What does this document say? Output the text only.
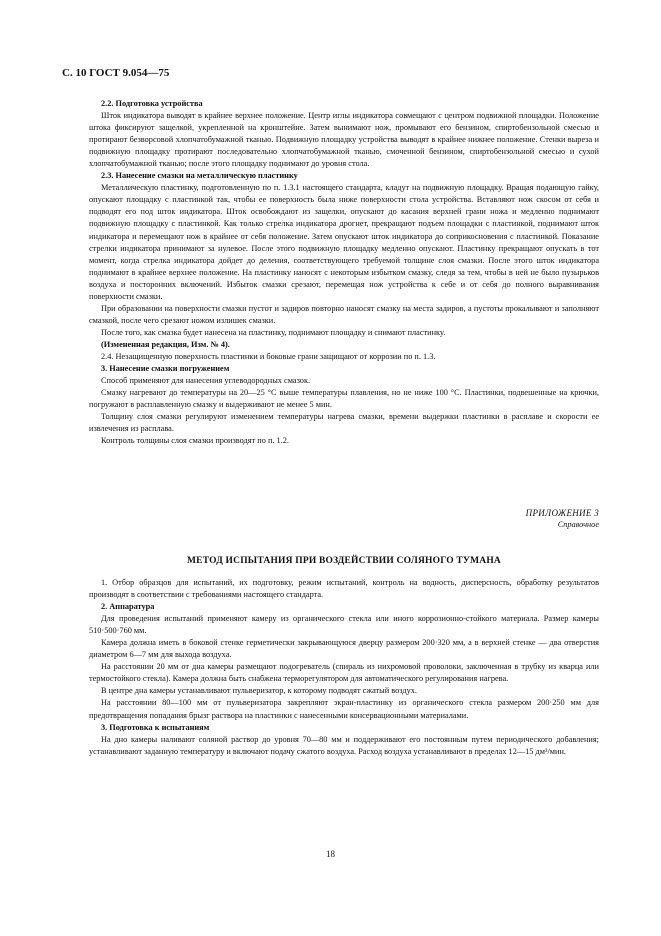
С. 10 ГОСТ 9.054—75

2.2. Подготовка устройства

Шток индикатора выводят в крайнее верхнее положение. Центр иглы индикатора совмещают с центром подвижной площадки. Положение штока фиксируют защелкой, укрепленной на кронштейне. Затем вынимают нож, промывают его бензином, спиртобензольной смесью и протирают безворсовой хлопчатобумажной тканью. Подвижную площадку устройства выводят в крайнее нижнее положение. Стенки выреза и подвижную площадку протирают последовательно хлопчатобумажной тканью, смоченной бензином, спиртобензольной смесью и сухой хлопчатобумажной тканью; после этого площадку поднимают до уровня стола.

2.3. Нанесение смазки на металлическую пластинку

Металлическую пластинку, подготовленную по п. 1.3.1 настоящего стандарта, кладут на подвижную площадку. Вращая подающую гайку, опускают площадку с пластинкой так, чтобы ее поверхность была ниже поверхности стола устройства. Вставляют нож скосом от себя и подводят его под шток индикатора. Шток освобождают из защелки, опускают до касания верхней грани ножа и медленно поднимают подвижную площадку с пластинкой. Как только стрелка индикатора дрогнет, прекращают подъем площадки с пластинкой, поднимают шток индикатора и перемещают нож в крайнее от себя положение. Затем опускают шток индикатора до соприкосновения с пластинкой. Показание стрелки индикатора принимают за нулевое. После этого подвижную площадку медленно опускают. Пластинку прекращают опускать в тот момент, когда стрелка индикатора дойдет до деления, соответствующего требуемой толщине слоя смазки. После этого шток индикатора поднимают в крайнее верхнее положение. На пластинку наносят с некоторым избытком смазку, следя за тем, чтобы в ней не было пузырьков воздуха и посторонних включений. Избыток смазки срезают, перемещая нож устройства к себе и от себя до полного выравнивания поверхности смазки.

При образовании на поверхности смазки пустот и задиров повторно наносят смазку на места задиров, а пустоты прокалывают и заполняют смазкой, после чего срезают ножом излишек смазки.

После того, как смазка будет нанесена на пластинку, поднимают площадку и снимают пластинку.

(Измененная редакция, Изм. № 4).

2.4. Незащищенную поверхность пластинки и боковые грани защищают от коррозии по п. 1.3.

3. Нанесение смазки погружением

Способ применяют для нанесения углеводородных смазок.

Смазку нагревают до температуры на 20—25 °С выше температуры плавления, но не ниже 100 °С. Пластинки, подвешенные на крючки, погружают в расплавленную смазку и выдерживают не менее 5 мин.

Толщину слоя смазки регулируют изменением температуры нагрева смазки, времени выдержки пластинки в расплаве и скорости ее извлечения из расплава.

Контроль толщины слоя смазки производят по п. 1.2.

ПРИЛОЖЕНИЕ 3
Справочное
МЕТОД ИСПЫТАНИЯ ПРИ ВОЗДЕЙСТВИИ СОЛЯНОГО ТУМАНА

1. Отбор образцов для испытаний, их подготовку, режим испытаний, контроль на водность, дисперсность, обработку результатов производят в соответствии с требованиями настоящего стандарта.

2. Аппаратура

Для проведения испытаний применяют камеру из органического стекла или иного коррозионно-стойкого материала. Размер камеры 510·500·760 мм.

Камера должна иметь в боковой стенке герметически закрывающуюся дверцу размером 200·320 мм, а в верхней стенке — два отверстия диаметром 6—7 мм для выхода воздуха.

На расстоянии 20 мм от дна камеры размещают подогреватель (спираль из нихромовой проволоки, заключенная в трубку из кварца или термостойкого стекла). Камера должна быть снабжена терморегулятором для автоматического регулирования нагрева.

В центре дна камеры устанавливают пульверизатор, к которому подводят сжатый воздух.

На расстоянии 80—100 мм от пульверизатора закрепляют экран-пластинку из органического стекла размером 200·250 мм для предотвращения попадания брызг раствора на пластинки с нанесенными консервационными материалами.

3. Подготовка к испытаниям

На дно камеры наливают соляной раствор до уровня 70—80 мм и поддерживают его постоянным путем периодического добавления; устанавливают заданную температуру и включают подачу сжатого воздуха. Расход воздуха устанавливают в пределах 12—15 дм³/мин.

18
